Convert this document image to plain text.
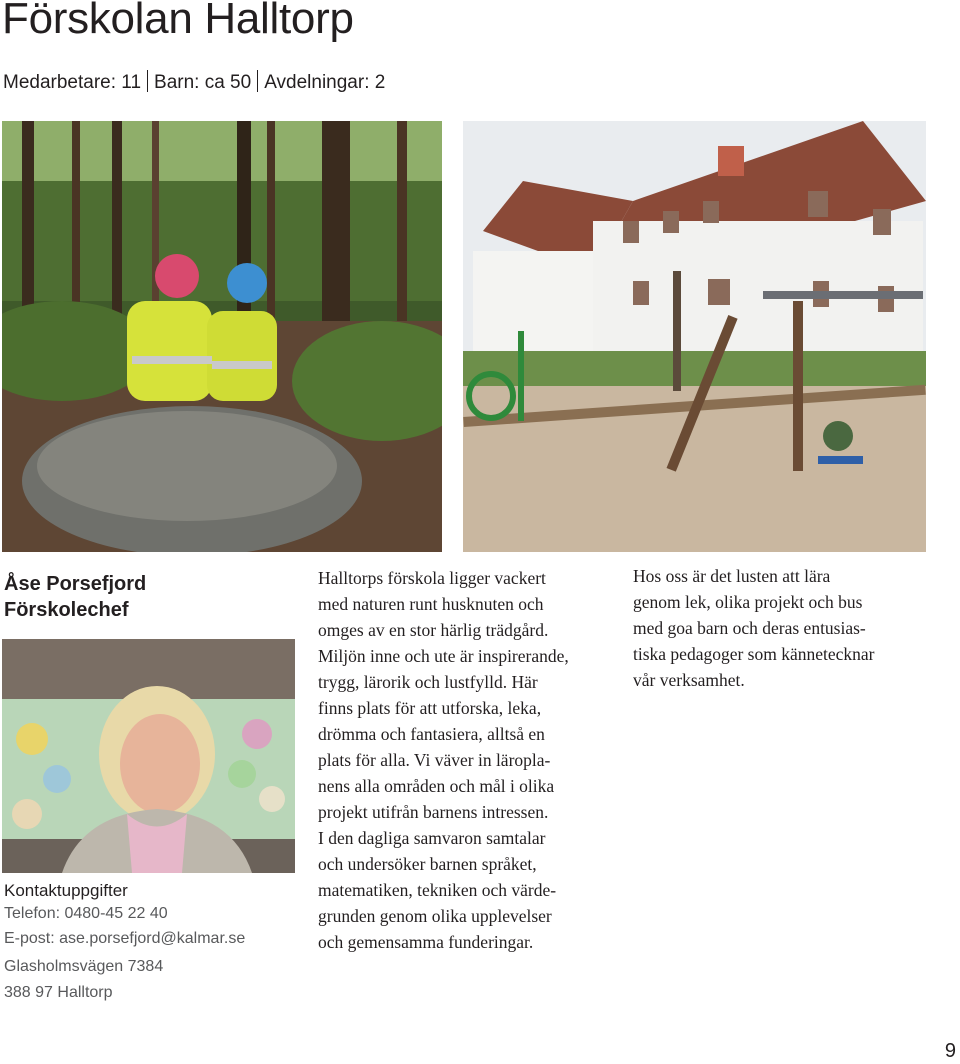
Förskolan Halltorp
Medarbetare: 11 Barn: ca 50 Avdelningar: 2
Åse Porsefjord
Förskolechef
Kontaktuppgifter
Telefon: 0480-45 22 40
E-post: ase.porsefjord@kalmar.se
Glasholmsvägen 7384
388 97 Halltorp
Halltorps förskola ligger vackert
med naturen runt husknuten och
omges av en stor härlig trädgård.
Miljön inne och ute är inspirerande,
trygg, lärorik och lustfylld. Här
finns plats för att utforska, leka,
drömma och fantasiera, alltså en
plats för alla. Vi väver in läropla-
nens alla områden och mål i olika
projekt utifrån barnens intressen.
I den dagliga samvaron samtalar
och undersöker barnen språket,
matematiken, tekniken och värde-
grunden genom olika upplevelser
och gemensamma funderingar.
Hos oss är det lusten att lära
genom lek, olika projekt och bus
med goa barn och deras entusias-
tiska pedagoger som kännetecknar
vår verksamhet.
9
